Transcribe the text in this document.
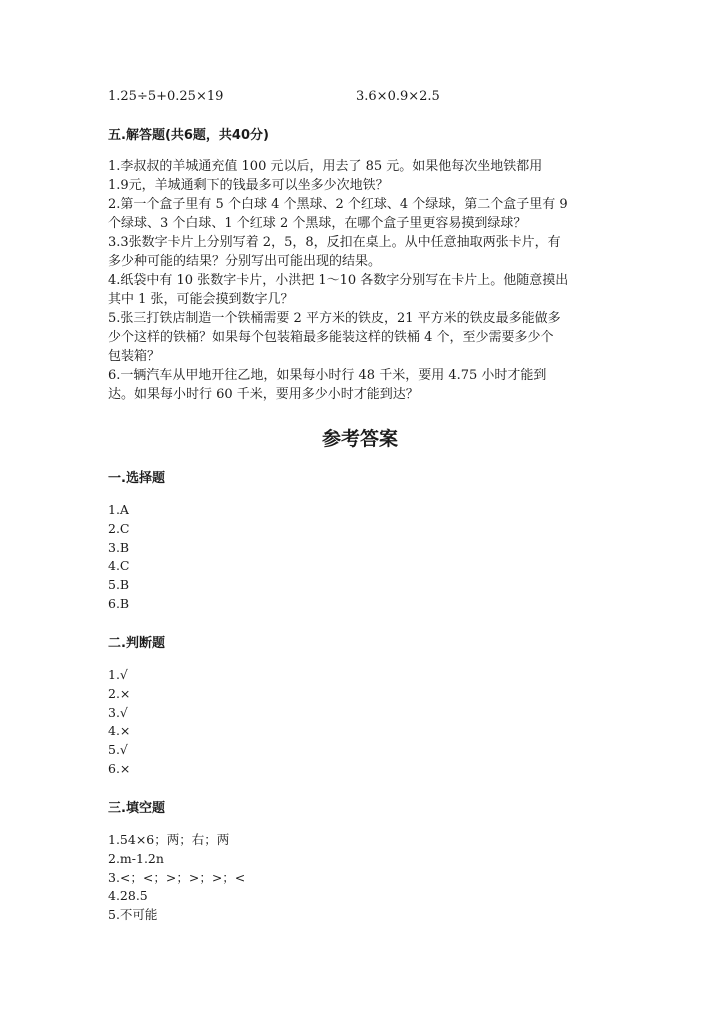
1.25÷5+0.25×19	3.6×0.9×2.5
五.解答题(共6题，共40分)
1.李叔叔的羊城通充值 100 元以后，用去了 85 元。如果他每次坐地铁都用
1.9元，羊城通剩下的钱最多可以坐多少次地铁？
2.第一个盒子里有 5 个白球 4 个黑球、2 个红球、4 个绿球，第二个盒子里有 9
个绿球、3 个白球、1 个红球 2 个黑球，在哪个盒子里更容易摸到绿球？
3.3张数字卡片上分别写着 2，5，8，反扣在桌上。从中任意抽取两张卡片，有
多少种可能的结果？分别写出可能出现的结果。
4.纸袋中有 10 张数字卡片，小洪把 1～10 各数字分别写在卡片上。他随意摸出
其中 1 张，可能会摸到数字几？
5.张三打铁店制造一个铁桶需要 2 平方米的铁皮，21 平方米的铁皮最多能做多
少个这样的铁桶？如果每个包装箱最多能装这样的铁桶 4 个，至少需要多少个
包装箱？
6.一辆汽车从甲地开往乙地，如果每小时行 48 千米，要用 4.75 小时才能到
达。如果每小时行 60 千米，要用多少小时才能到达？
参考答案
一.选择题
1.A
2.C
3.B
4.C
5.B
6.B
二.判断题
1.√
2.×
3.√
4.×
5.√
6.×
三.填空题
1.54×6；两；右；两
2.m-1.2n
3.<；<；>；>；>；<
4.28.5
5.不可能
